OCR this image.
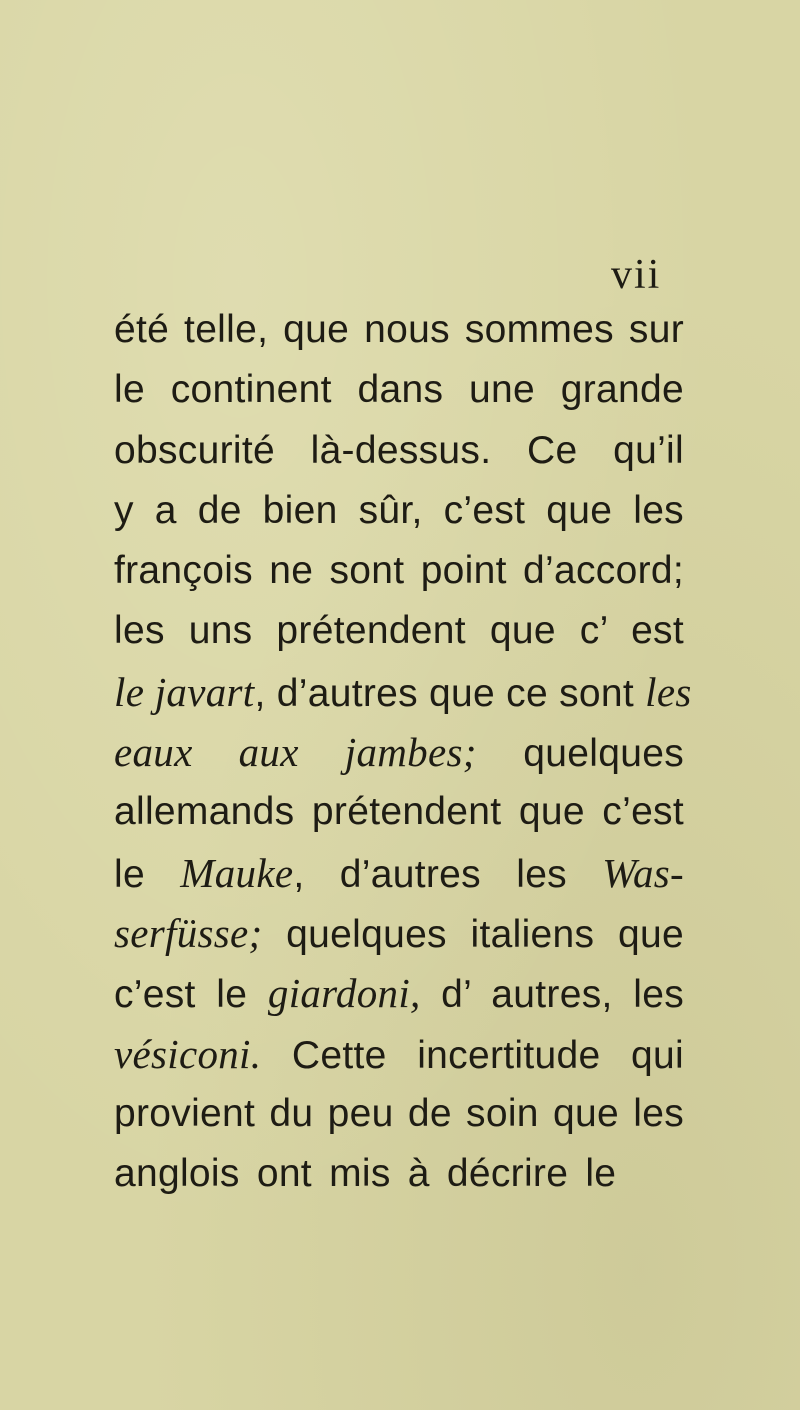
vii
été telle, que nous sommes sur
le continent dans une grande
obscurité là-dessus. Ce qu’il
y a de bien sûr, c’est que les
françois ne sont point d’accord;
les uns prétendent que c’ est
le javart, d’autres que ce sont les
eaux aux jambes; quelques
allemands prétendent que c’est
le Mauke, d’autres les Was-
serfüsse; quelques italiens que
c’est le giardoni, d’ autres, les
vésiconi. Cette incertitude qui
provient du peu de soin que les
anglois ont mis à décrire le
